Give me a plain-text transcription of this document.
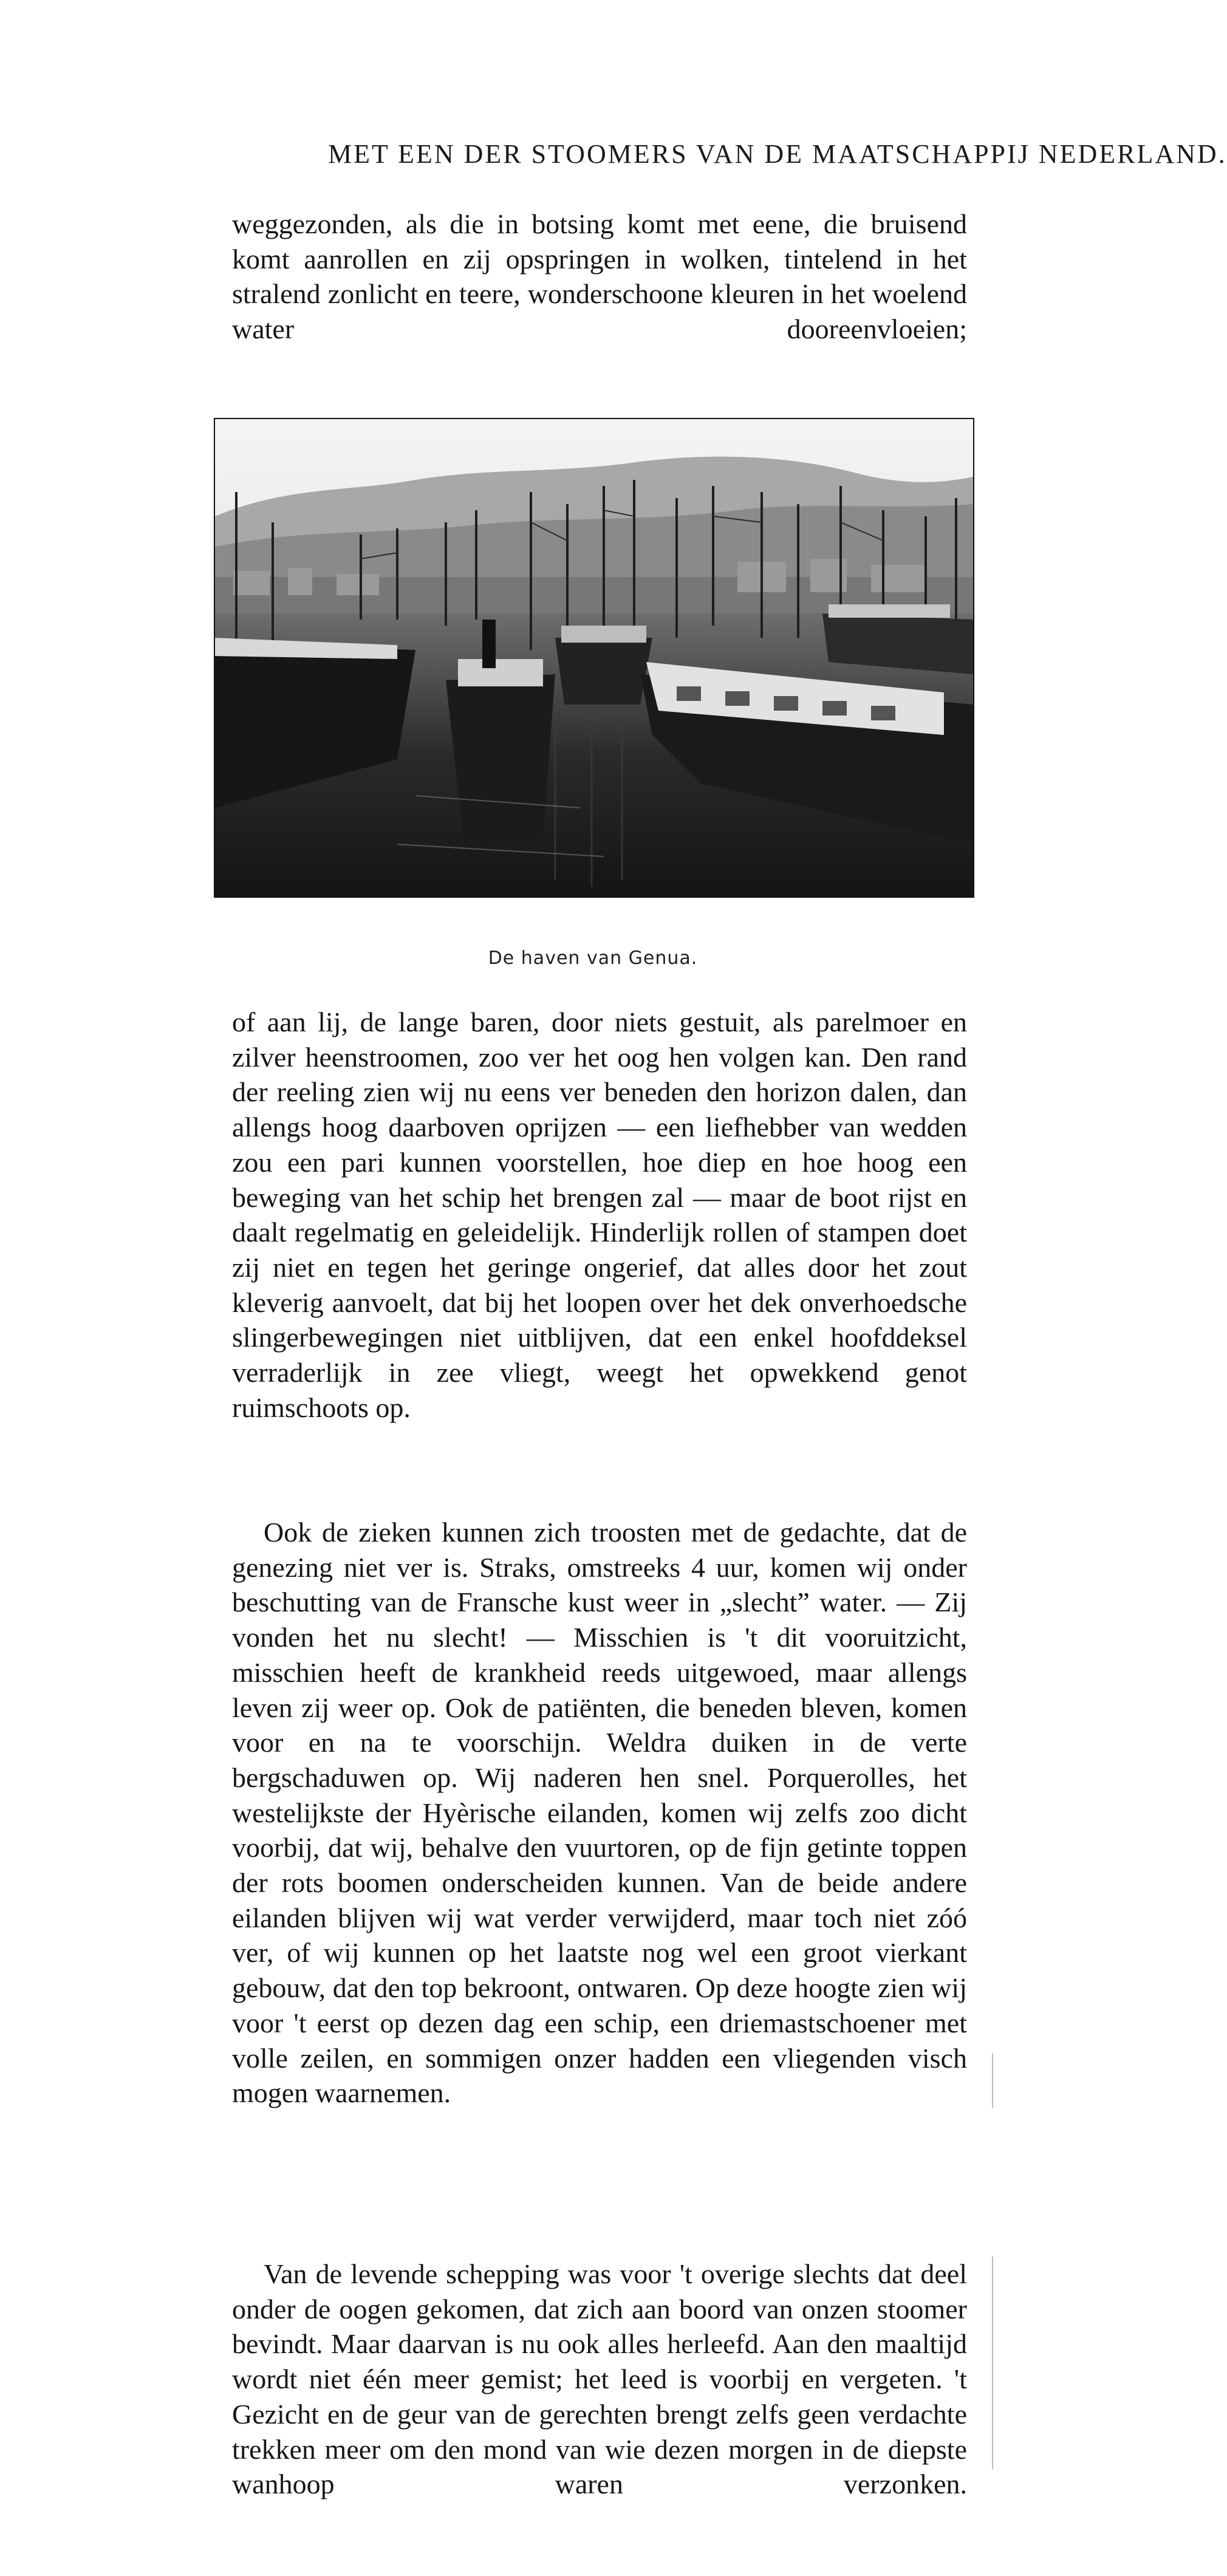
MET EEN DER STOOMERS VAN DE MAATSCHAPPIJ NEDERLAND.

weggezonden, als die in botsing komt met eene, die bruisend komt aanrollen en zij opspringen in wolken, tintelend in het stralend zonlicht en teere, wonderschoone kleuren in het woelend water dooreenvloeien;

De haven van Genua.

of aan lij, de lange baren, door niets gestuit, als parelmoer en zilver heenstroomen, zoo ver het oog hen volgen kan. Den rand der reeling zien wij nu eens ver beneden den horizon dalen, dan allengs hoog daarboven oprijzen — een liefhebber van wedden zou een pari kunnen voorstellen, hoe diep en hoe hoog een beweging van het schip het brengen zal — maar de boot rijst en daalt regelmatig en geleidelijk. Hinderlijk rollen of stampen doet zij niet en tegen het geringe ongerief, dat alles door het zout kleverig aanvoelt, dat bij het loopen over het dek onverhoedsche slingerbewegingen niet uitblijven, dat een enkel hoofddeksel verraderlijk in zee vliegt, weegt het opwekkend genot ruimschoots op.

Ook de zieken kunnen zich troosten met de gedachte, dat de genezing niet ver is. Straks, omstreeks 4 uur, komen wij onder beschutting van de Fransche kust weer in „slecht” water. — Zij vonden het nu slecht! — Misschien is 't dit vooruitzicht, misschien heeft de krankheid reeds uitgewoed, maar allengs leven zij weer op. Ook de patiënten, die beneden bleven, komen voor en na te voorschijn. Weldra duiken in de verte bergschaduwen op. Wij naderen hen snel. Porquerolles, het westelijkste der Hyèrische eilanden, komen wij zelfs zoo dicht voorbij, dat wij, behalve den vuurtoren, op de fijn getinte toppen der rots boomen onderscheiden kunnen. Van de beide andere eilanden blijven wij wat verder verwijderd, maar toch niet zóó ver, of wij kunnen op het laatste nog wel een groot vierkant gebouw, dat den top bekroont, ontwaren. Op deze hoogte zien wij voor 't eerst op dezen dag een schip, een driemastschoener met volle zeilen, en sommigen onzer hadden een vliegenden visch mogen waarnemen.

Van de levende schepping was voor 't overige slechts dat deel onder de oogen gekomen, dat zich aan boord van onzen stoomer bevindt. Maar daarvan is nu ook alles herleefd. Aan den maaltijd wordt niet één meer gemist; het leed is voorbij en vergeten. 't Gezicht en de geur van de gerechten brengt zelfs geen verdachte trekken meer om den mond van wie dezen morgen in de diepste wanhoop waren verzonken.
